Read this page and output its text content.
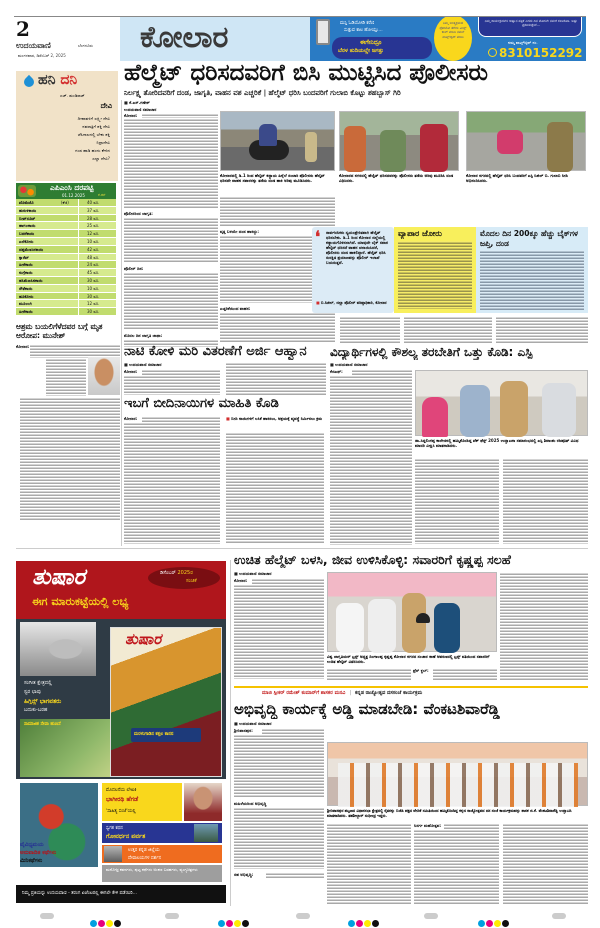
2
ಉದಯವಾಣಿ	ಬೆಂಗಳೂರು
ಮಂಗಳವಾರ, ಡಿಸೆಂಬರ್ 2, 2025
ಕೋಲಾರ	ಮಸ್ತಿ ಓಡಿಯೋಡಿ ಕರೆಣಿ
ಸುತ್ತುವ ಕಾಲ ಹೋಯ್ತು...
ಈಗೇನಿದ್ರೂ
ಬೆರಳ ತುದಿಯಲ್ಲೇ ಜಗತ್ತು
ನಿಮ್ಮ ಅಂತ್ಯಕ್ರಮದ ಫೋಟೋ ತೆಗೆದು ಮಿಸ್ಡ್ ಕಾಲ್ ಮಾಡಿ ನಮಗೆ ವಾಟ್ಸ್ಆ್ಯಪ್ ಮಾಡಿ
ನಿಮ್ಮ ಕಾರ್ಯಕ್ರಮಗಳ ಆಹ್ವಾನ ಪತ್ರಿಕೆ ಎರಡು ದಿನ ಮೊದಲೇ ನಮಗೆ ಕಳಿಸಿಕೊಡಿ. ಅಷ್ಟು ಪ್ರಕಟಿಸುತ್ತೇವೆ...
ನಮ್ಮ ವಾಟ್ಸ್‌ಆ್ಯಪ್ ನಂ.
8310152292
ಹನಿ ದನಿ
ಎಚ್. ಡುಂಡಿರಾಜ್
ದೇವಿ
ದೀಪಾವಳಿಗೆ ಲಕ್ಷ್ಮೀ ದೇವಿ
ನವರಾತ್ರಿಗೆ ಶಕ್ತಿ ದೇವಿ
ಚೆಸಿಗಾಲದಲ್ಲಿ ಬೇಕು ಶಕ್ತಿ
ನಿದ್ರಾದೇವಿ
ಗಂಡ ಹಾಡಿ ಹಂದು ಕೇಳಿದ
ಎಲ್ಲಾ ದೇವಿ?
ಎಪಿಎಂಸಿ ದರಪಟ್ಟಿ
01.12.2025	ಕೆ.ಜಿಗೆ
ಟೊಮೆಟೊ	(ಕೆಜಿ)	40 ರೂ.
ಹುರುಳಿಕಾಯಿ	37 ರೂ.
ಬೀಟ್‌ರೂಟ್	28 ರೂ.
ಹಾಗಲಕಾಯಿ	25 ರೂ.
ಬದನೆಕಾಯಿ	12 ರೂ.
ಎಲೆಕೋಸು	10 ರೂ.
ದಪ್ಪಮೆಣಸಿನಕಾಯಿ	42 ರೂ.
ಕ್ಯಾರೆಟ್	48 ರೂ.
ಹೀರೆಕಾಯಿ	24 ರೂ.
ನುಗ್ಗೆಕಾಯಿ	45 ರೂ.
ಹಸಿಮೆಣಸಿನಕಾಯಿ	30 ರೂ.
ಸೌತೆಕಾಯಿ	10 ರೂ.
ಹೂಕೋಸು	30 ರೂ.
ಮೂಲಂಗಿ	12 ರೂ.
ಹೀರೆಕಾಯಿ	30 ರೂ.
ಆಶ್ರಮ ಬಯಲಿಗೆಳೆದವರ ಬಗ್ಗೆ ಮೃತ ಆರೋಪ: ಮುನೇಶ್
ಕೋಲಾರ:
ಹೆಲ್ಮೆಟ್ ಧರಿಸದವರಿಗೆ ಬಿಸಿ ಮುಟ್ಟಿಸಿದ ಪೊಲೀಸರು
ನಿರ್ಲಕ್ಷ್ಯ ತೋರಿದವರಿಗೆ ದಂಡ, ಜಾಗೃತಿ, ವಾಹನ ವಶ ಎಚ್ಚರಿಕೆ | ಹೆಲ್ಮೆಟ್ ಧರಿಸಿ ಬಂದವರಿಗೆ ಗುಲಾಬಿ ಕೊಟ್ಟು ಶಹಬ್ಬಾಸ್ ಗಿರಿ
■ ಕೆ.ಎಸ್.ಗಣೇಶ್
ಉದಯವಾಣಿ ಸಮಾಚಾರ
ಕೋಲಾರ:
ಪೊಲೀಸರಿಂದ ಜಾಗೃತಿ:
ಪೊಲೀಸ್ ದಿನ:
ಮೊದಲ ದಿನ ಜಾಗೃತಿ ಜಾಥಾ:
ಕೋಲಾರದಲ್ಲಿ ಡಿ.1 ರಿಂದ ಹೆಲ್ಮೆಟ್ ಕಡ್ಡಾಯ ಹಿನ್ನೆಲೆ ಸಂಚಾರಿ ಪೊಲೀಸರು ಹೆಲ್ಮೆಟ್ ಧರಿಸದೇ ವಾಹನ ಸವಾರರನ್ನು ತಡೆದು ದಂಡ ಹಾಕಿ ಅರಿವು ಮೂಡಿಸಿದರು.
ಕೋಲಾರದ ನಗರದಲ್ಲಿ ಹೆಲ್ಮೆಟ್ ಧರಿಸದವರನ್ನು ಪೊಲೀಸರು ತಡೆದು ಅರಿವು ಮೂಡಿಸಿ ದಂಡ ವಿಧಿಸಿದರು.
ಕೋಲಾರ ನಗರದಲ್ಲಿ ಹೆಲ್ಮೆಟ್ ಧರಿಸಿ ಬಂದವರಿಗೆ ಎಸ್ಪಿ ನಿಖಿಲ್ ಬಿ. ಗುಲಾಬಿ ನೀಡಿ ಅಭಿನಂದಿಸಿದರು.
ವೃತ್ತ ಬಳಿಯೇ ದಂಡ ಹಾಕಿದ್ದು:
ಎಚ್ಚರಿಕೆಯಿಂದ ವಾಹನ:
❛ ಸಾರ್ವಜನಿಕರು ಸ್ವಯಂಪ್ರೇರಿತವಾಗಿ ಹೆಲ್ಮೆಟ್ ಧರಿಸಬೇಕು. ಡಿ.1 ರಿಂದ ಕೋಲಾರ ಜಿಲ್ಲೆಯಲ್ಲಿ ಕಡ್ಡಾಯಗೊಳಿಸಲಾಗಿದೆ. ಯಾವುದೇ ಬೈಕ್ ಸವಾರ ಹೆಲ್ಮೆಟ್ ಧರಿಸದೆ ವಾಹನ ಚಲಾಯಿಸಿದರೆ, ಪೊಲೀಸರು ದಂಡ ಹಾಕಲಿದ್ದಾರೆ. ಹೆಲ್ಮೆಟ್ ಧರಿಸಿ ಸುರಕ್ಷಿತ ಪ್ರಯಾಣವನ್ನು ಪೊಲೀಸ್ ಇಲಾಖೆ ಬಯಸುತ್ತದೆ.
■ ಬಿ.ನಿಖಿಲ್, ಜಿಲ್ಲಾ ಪೊಲೀಸ್ ವರಿಷ್ಠಾಧಿಕಾರಿ, ಕೋಲಾರ
ವ್ಯಾಪಾರ ಜೋರು	ಮೊದಲ ದಿನ 200ಕ್ಕೂ ಹೆಚ್ಚು ಬೈಕ್‌ಗಳ ಜಪ್ತಿ, ದಂಡ
ನಾಟಿ ಕೋಳಿ ಮರಿ ವಿತರಣೆಗೆ ಅರ್ಜಿ ಆಹ್ವಾನ
■ ಉದಯವಾಣಿ ಸಮಾಚಾರ
ಕೋಲಾರ:
ಇಬಗೆ ಬೀದಿನಾಯಿಗಳ ಮಾಹಿತಿ ಕೊಡಿ
ಕೋಲಾರ:	■ ಬೀದಿ ನಾಯಿಗಳಿಗೆ ಲಸಿಕೆ ಹಾಕಿಸಲು, ಆಶ್ರಯಕ್ಕೆ ವ್ಯವಸ್ಥೆ ನಿರ್ಮಿಸಲು ಕ್ರಮ
ವಿದ್ಯಾರ್ಥಿಗಳಲ್ಲಿ ಕೌಶಲ್ಯ ತರಬೇತಿಗೆ ಒತ್ತು ಕೊಡಿ: ಎಸ್ಪಿ
■ ಉದಯವಾಣಿ ಸಮಾಚಾರ
ಕೆಜಿಎಫ್:
ಡಾ.ಸಿದ್ದಲಿಂಗಪ್ಪ ಕಾಲೇಜಿನಲ್ಲಿ ಹಮ್ಮಿಕೊಂಡಿದ್ದ ಟೆಕ್ ಫೆಸ್ಟ್ 2025 ಉದ್ಘಾಟನಾ ಸಮಾರಂಭದಲ್ಲಿ ಎಸ್ಪಿ ಶಿವಾಂಶು ರಜಪೂತ್ ವಿವಿಧ ಮಾದರಿ ವೀಕ್ಷಿಸಿ ಮಾತನಾಡಿದರು.
ತುಷಾರ	ಡಿಸೆಂಬರ್ 2025ರ
ಸಂಚಿಕೆ
ಈಗ ಮಾರುಕಟ್ಟೆಯಲ್ಲಿ ಲಭ್ಯ
ಸಂಗೀತ ಕ್ಷೇತ್ರದಲ್ಲಿ
ಸ್ವರ ಛಾಪು
ಹಿಗ್ಗಿನ್ಸ್ ಭಾಗವತರು
ಬದುಕು-ಬರಹ
ಸಾಮಾಜಿಕ ಸೇವಾ ಹುಣಸೆ
ತುಷಾರ
ಮರಳುಗಾಡಿನ ಕತ್ತಲ ಕಾನನ
ವೈವಿಧ್ಯಮಯ
ಅನುವಾದಿತ ಕಥೆಗಳು
ಮಿನಿಕಥೆಗಳು
ಮೊದಲನೆಯ ಲೇಖಕಿ
ಭಾಗೀರಥಿ ಹೆಗಡೆ
'ಸಾಹಿತ್ಯ ಸಂಜೆ'ಯಲ್ಲಿ
ಸ್ವಗತ ಕಥನ
ಗೋವರ್ಧನ ಪರ್ವತ
ಉತ್ತರ ಕನ್ನಡ ಜಿಲ್ಲೆಯ
ದೇವಾಲಯಗಳ ದರ್ಶನ
ಮನೋಜ್ಞ ಕವನಗಳು, ಪುಟ್ಟ ಕಥೆಗಳು ಅಂಕಣ ಬರಹಗಳು, ವ್ಯಂಗ್ಯಚಿತ್ರಗಳು
ನಿಮ್ಮ ಪ್ರತಿಯನ್ನು ಉದಯವಾಣಿ - ತರಂಗ ಏಜೆಂಟರಲ್ಲಿ ಈಗಲೇ ಕೇಳಿ ಪಡೆಯಿರಿ...
ಉಚಿತ ಹೆಲ್ಮೆಟ್ ಬಳಸಿ, ಜೀವ ಉಳಿಸಿಕೊಳ್ಳಿ: ಸವಾರರಿಗೆ ಕೃಷ್ಣಪ್ಪ ಸಲಹೆ
■ ಉದಯವಾಣಿ ಸಮಾಚಾರ
ಕೋಲಾರ:
ವಿಶ್ವ ಜಾಗೃತಿಯರ್ ಟ್ರಸ್ಟ್ ಅಧ್ಯಕ್ಷ ದಿಂಗಾಲಪ್ಪ ಕೃಷ್ಣಪ್ಪ ಕೋಲಾರ ನಗರದ ಸಂಚಾರ ಠಾಣೆ ಆವರಣದಲ್ಲಿ ಟ್ರಸ್ಟ್ ವತಿಯಿಂದ ಸವಾರರಿಗೆ ಉಚಿತ ಹೆಲ್ಮೆಟ್ ವಿತರಿಸಿದರು.
ಪ್ರೆಸ್ ಕ್ಲಬ್:
ಮಾಜಿ ಸ್ಪೀಕರ್ ರಮೇಶ್ ಕುಮಾರ್‌ಗೆ ಶಾಸಕರ ಮನವಿ | ಕನ್ನಡ ರಾಜ್ಯೋತ್ಸವ ದಸಸಂಜೆ ಕಾರ್ಯಕ್ರಮ
ಅಭಿವೃದ್ಧಿ ಕಾರ್ಯಕ್ಕೆ ಅಡ್ಡಿ ಮಾಡಬೇಡಿ: ವೆಂಕಟಶಿವಾರೆಡ್ಡಿ
■ ಉದಯವಾಣಿ ಸಮಾಚಾರ
ಶ್ರೀನಿವಾಸಪುರ:
ಮಹಿಳೆಯರಿಂದ ಅಭಿವೃದ್ಧಿ
ಸಹ ಅಭಿವೃದ್ಧಿ:
ಶ್ರೀನಿವಾಸಪುರ ಪಟ್ಟಣದ ವಿಧಾನಸಭಾ ಕ್ಷೇತ್ರದಲ್ಲಿ ರೈತರನ್ನು ಬಿಜೆಪಿ ಪಕ್ಷದ ವೇದಿಕೆ ಸಮಿತಿಯಿಂದ ಹಮ್ಮಿಕೊಂಡಿದ್ದ ಕನ್ನಡ ರಾಜ್ಯೋತ್ಸವದ ದಸ ಸಂಜೆ ಕಾರ್ಯಕ್ರಮವನ್ನು ಶಾಸಕ ಜಿ.ಕೆ. ವೆಂಕಟಶಿವಾರೆಡ್ಡಿ ಉದ್ಘಾಟಿಸಿ ಮಾತನಾಡಿದರು. ತಹಶೀಲ್ದಾರ್ ಸುಧೀಂದ್ರ ಇದ್ದರು.
ನಿಸರ್ಗ ಮಹೋತ್ಸವ:
